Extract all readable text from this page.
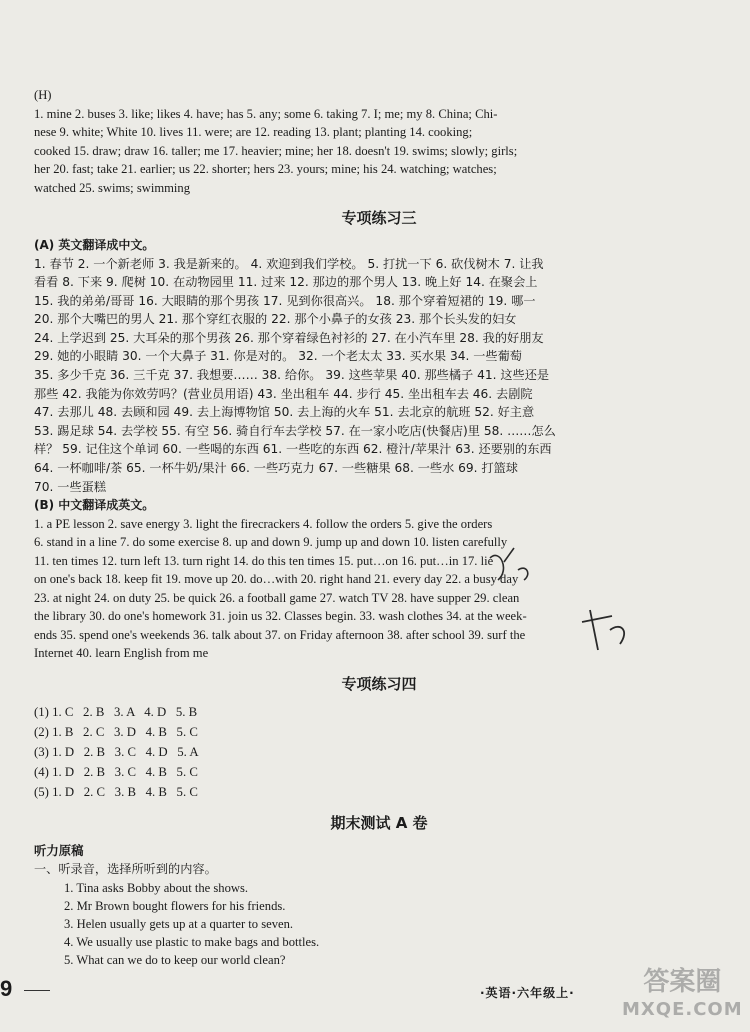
(H)
1. mine 2. buses 3. like; likes 4. have; has 5. any; some 6. taking 7. I; me; my 8. China; Chi-
nese 9. white; White 10. lives 11. were; are 12. reading 13. plant; planting 14. cooking;
cooked 15. draw; draw 16. taller; me 17. heavier; mine; her 18. doesn't 19. swims; slowly; girls;
her 20. fast; take 21. earlier; us 22. shorter; hers 23. yours; mine; his 24. watching; watches;
watched 25. swims; swimming
专项练习三
(A) 英文翻译成中文。
1. 春节 2. 一个新老师 3. 我是新来的。 4. 欢迎到我们学校。 5. 打扰一下 6. 砍伐树木 7. 让我
看看 8. 下来 9. 爬树 10. 在动物园里 11. 过来 12. 那边的那个男人 13. 晚上好 14. 在聚会上
15. 我的弟弟/哥哥 16. 大眼睛的那个男孩 17. 见到你很高兴。 18. 那个穿着短裙的 19. 哪一
20. 那个大嘴巴的男人 21. 那个穿红衣服的 22. 那个小鼻子的女孩 23. 那个长头发的妇女
24. 上学迟到 25. 大耳朵的那个男孩 26. 那个穿着绿色衬衫的 27. 在小汽车里 28. 我的好朋友
29. 她的小眼睛 30. 一个大鼻子 31. 你是对的。 32. 一个老太太 33. 买水果 34. 一些葡萄
35. 多少千克 36. 三千克 37. 我想要…… 38. 给你。 39. 这些苹果 40. 那些橘子 41. 这些还是
那些 42. 我能为你效劳吗？(营业员用语) 43. 坐出租车 44. 步行 45. 坐出租车去 46. 去剧院
47. 去那儿 48. 去顾和园 49. 去上海博物馆 50. 去上海的火车 51. 去北京的航班 52. 好主意
53. 踢足球 54. 去学校 55. 有空 56. 骑自行车去学校 57. 在一家小吃店(快餐店)里 58. ……怎么
样？ 59. 记住这个单词 60. 一些喝的东西 61. 一些吃的东西 62. 橙汁/苹果汁 63. 还要别的东西
64. 一杯咖啡/茶 65. 一杯牛奶/果汁 66. 一些巧克力 67. 一些糖果 68. 一些水 69. 打篮球
70. 一些蛋糕
(B) 中文翻译成英文。
1. a PE lesson 2. save energy 3. light the firecrackers 4. follow the orders 5. give the orders
6. stand in a line 7. do some exercise 8. up and down 9. jump up and down 10. listen carefully
11. ten times 12. turn left 13. turn right 14. do this ten times 15. put…on 16. put…in 17. lie
on one's back 18. keep fit 19. move up 20. do…with 20. right hand 21. every day 22. a busy day
23. at night 24. on duty 25. be quick 26. a football game 27. watch TV 28. have supper 29. clean
the library 30. do one's homework 31. join us 32. Classes begin. 33. wash clothes 34. at the week-
ends 35. spend one's weekends 36. talk about 37. on Friday afternoon 38. after school 39. surf the
Internet 40. learn English from me
专项练习四
(1) 1. C   2. B   3. A   4. D   5. B
(2) 1. B   2. C   3. D   4. B   5. C
(3) 1. D   2. B   3. C   4. D   5. A
(4) 1. D   2. B   3. C   4. B   5. C
(5) 1. D   2. C   3. B   4. B   5. C
期末测试 A 卷
听力原稿
一、听录音，选择所听到的内容。
1. Tina asks Bobby about the shows.
2. Mr Brown bought flowers for his friends.
3. Helen usually gets up at a quarter to seven.
4. We usually use plastic to make bags and bottles.
5. What can we do to keep our world clean?
9	·英语·六年级上·	答案圈
MXQE.COM
